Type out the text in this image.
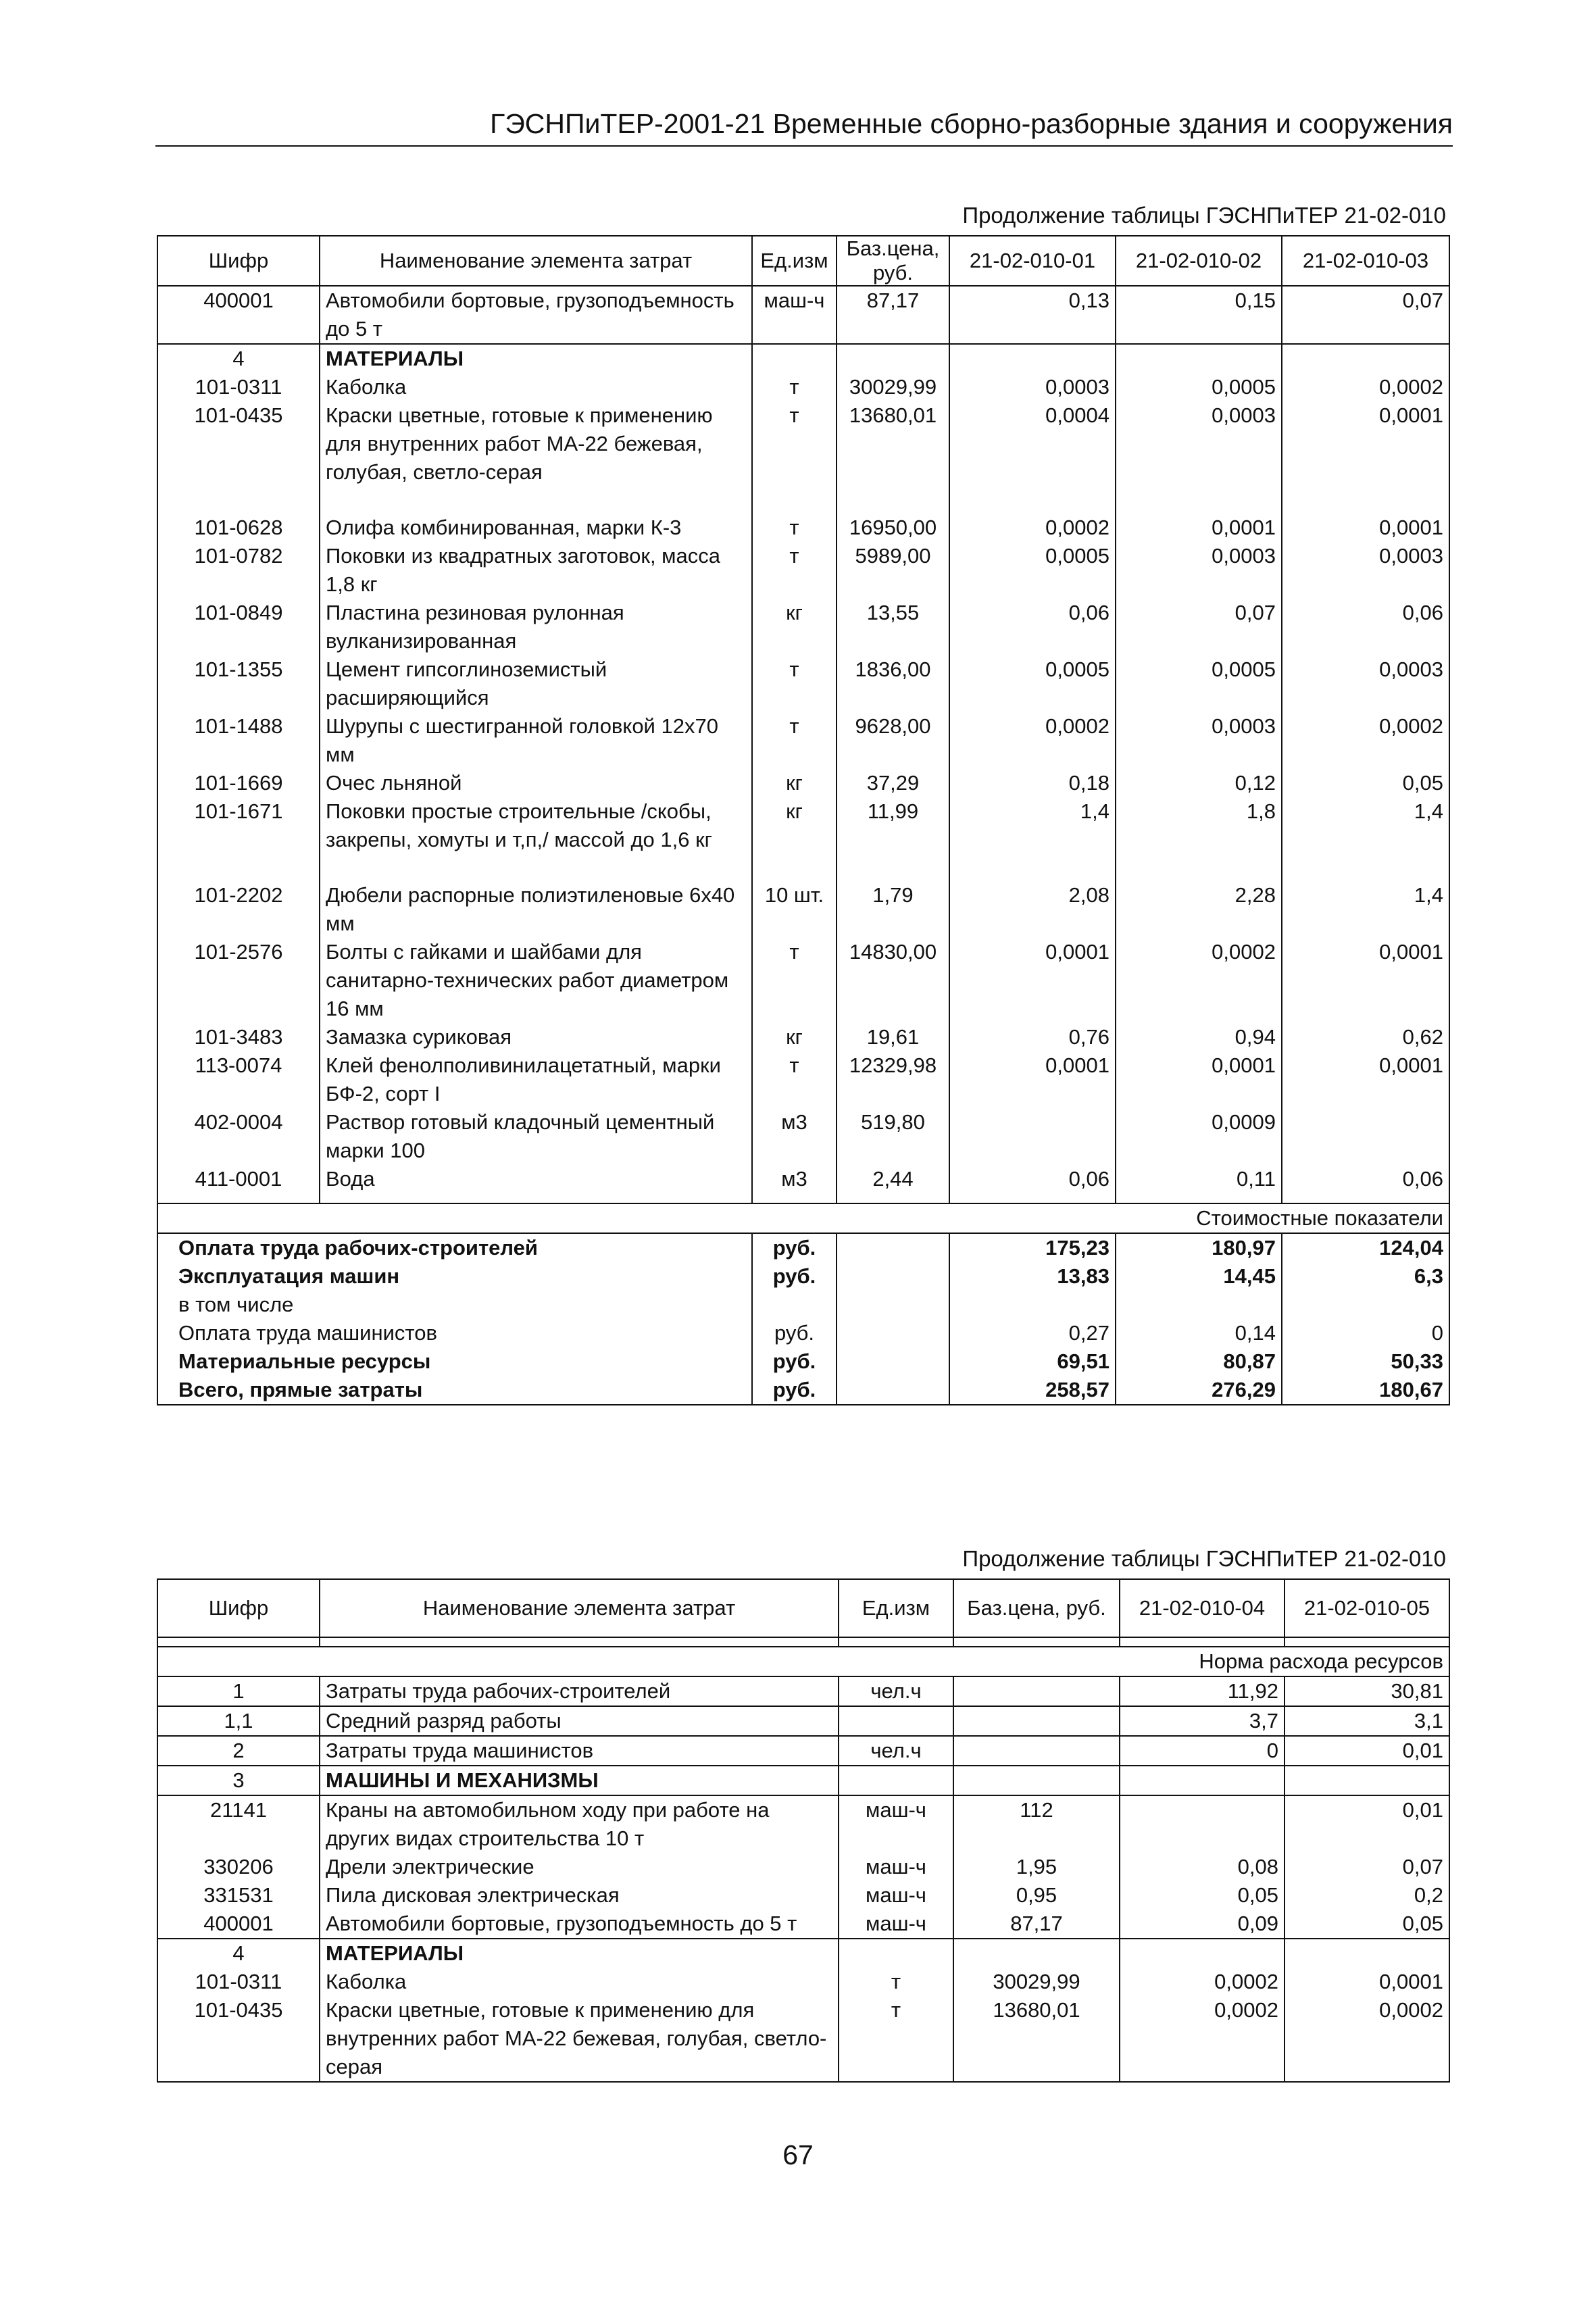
ГЭСНПиТЕР-2001-21 Временные сборно-разборные здания и сооружения
Продолжение таблицы ГЭСНПиТЕР 21-02-010
Шифр	Наименование элемента затрат	Ед.изм	Баз.цена, руб.	21-02-010-01	21-02-010-02	21-02-010-03
400001	Автомобили бортовые, грузоподъемность до 5 т	маш-ч	87,17	0,13	0,15	0,07
4	МАТЕРИАЛЫ					
101-0311	Каболка	т	30029,99	0,0003	0,0005	0,0002
101-0435	Краски цветные, готовые к применению для внутренних работ МА-22 бежевая, голубая, светло-серая	т	13680,01	0,0004	0,0003	0,0001

101-0628	Олифа комбинированная, марки К-3	т	16950,00	0,0002	0,0001	0,0001
101-0782	Поковки из квадратных заготовок, масса 1,8 кг	т	5989,00	0,0005	0,0003	0,0003
101-0849	Пластина резиновая рулонная вулканизированная	кг	13,55	0,06	0,07	0,06
101-1355	Цемент гипсоглиноземистый расширяющийся	т	1836,00	0,0005	0,0005	0,0003
101-1488	Шурупы с шестигранной головкой 12x70 мм	т	9628,00	0,0002	0,0003	0,0002
101-1669	Очес льняной	кг	37,29	0,18	0,12	0,05
101-1671	Поковки простые строительные /скобы, закрепы, хомуты и т,п,/ массой до 1,6 кг	кг	11,99	1,4	1,8	1,4

101-2202	Дюбели распорные полиэтиленовые 6x40 мм	10 шт.	1,79	2,08	2,28	1,4
101-2576	Болты с гайками и шайбами для санитарно-технических работ диаметром 16 мм	т	14830,00	0,0001	0,0002	0,0001
101-3483	Замазка суриковая	кг	19,61	0,76	0,94	0,62
113-0074	Клей фенолполивинилацетатный, марки БФ-2, сорт I	т	12329,98	0,0001	0,0001	0,0001
402-0004	Раствор готовый кладочный цементный марки 100	м3	519,80		0,0009	
411-0001	Вода	м3	2,44	0,06	0,11	0,06

Стоимостные показатели						
Оплата труда рабочих-строителей		руб.		175,23	180,97	124,04
Эксплуатация машин		руб.		13,83	14,45	6,3
в том числе						
Оплата труда машинистов		руб.		0,27	0,14	0
Материальные ресурсы		руб.		69,51	80,87	50,33
Всего, прямые затраты		руб.		258,57	276,29	180,67
Продолжение таблицы ГЭСНПиТЕР 21-02-010
Шифр	Наименование элемента затрат	Ед.изм	Баз.цена, руб.	21-02-010-04	21-02-010-05

Норма расхода ресурсов					
1	Затраты труда рабочих-строителей	чел.ч		11,92	30,81
1,1	Средний разряд работы			3,7	3,1
2	Затраты труда машинистов	чел.ч		0	0,01
3	МАШИНЫ И МЕХАНИЗМЫ				
21141	Краны на автомобильном ходу при работе на других видах строительства 10 т	маш-ч	112		0,01
330206	Дрели электрические	маш-ч	1,95	0,08	0,07
331531	Пила дисковая электрическая	маш-ч	0,95	0,05	0,2
400001	Автомобили бортовые, грузоподъемность до 5 т	маш-ч	87,17	0,09	0,05
4	МАТЕРИАЛЫ				
101-0311	Каболка	т	30029,99	0,0002	0,0001
101-0435	Краски цветные, готовые к применению для внутренних работ МА-22 бежевая, голубая, светло-серая	т	13680,01	0,0002	0,0002
67
